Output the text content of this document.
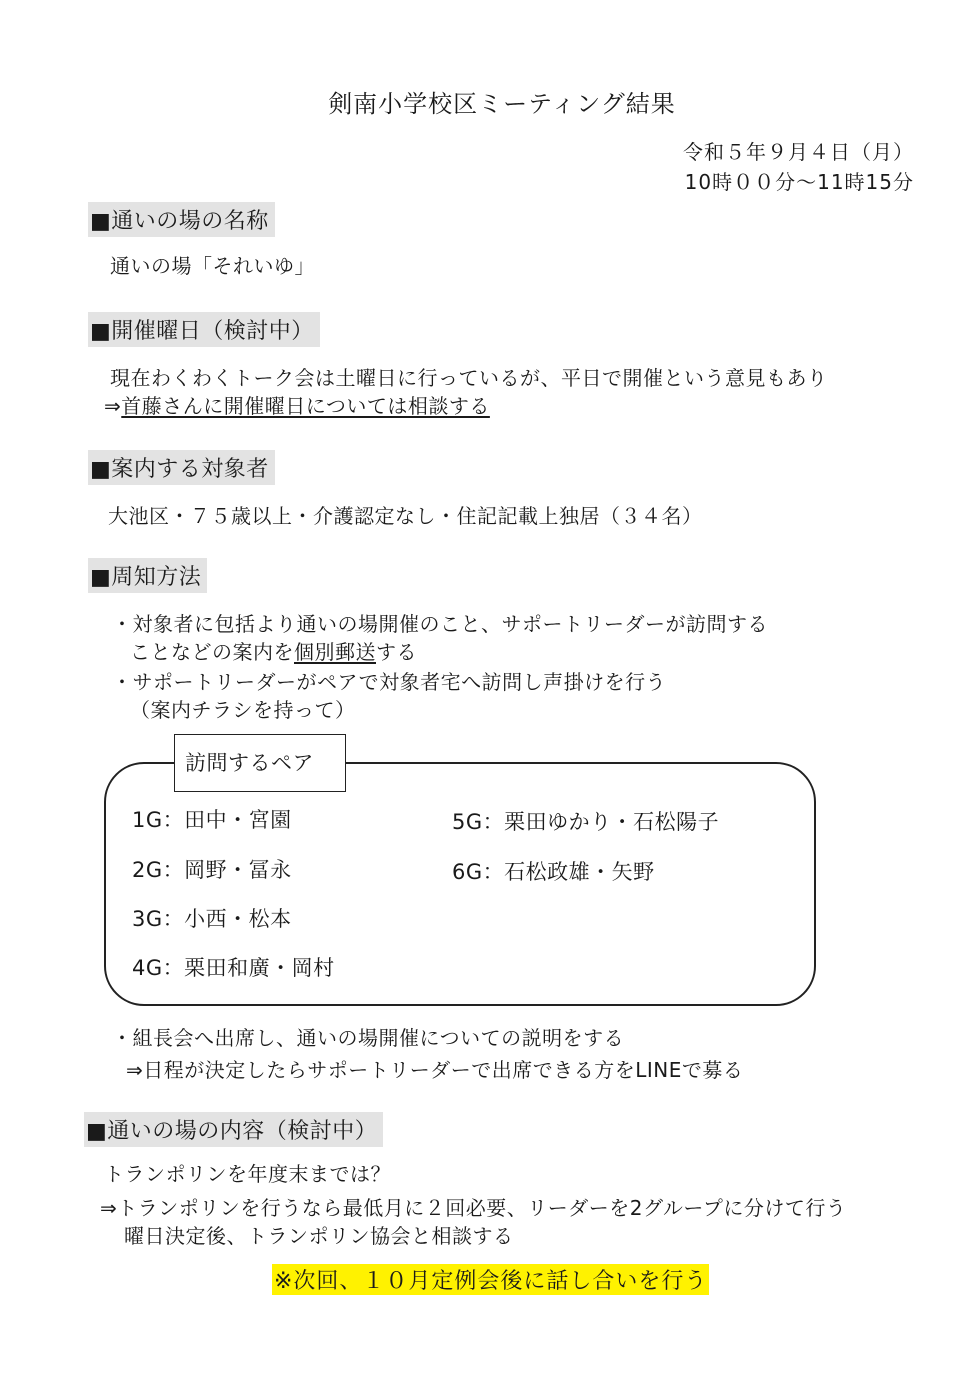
剣南小学校区ミーティング結果
令和５年９月４日（月）
10時００分～11時15分
■通いの場の名称
通いの場「それいゆ」
■開催曜日（検討中）
現在わくわくトーク会は土曜日に行っているが、平日で開催という意見もあり
⇒首藤さんに開催曜日については相談する
■案内する対象者
大池区・７５歳以上・介護認定なし・住記記載上独居（３４名）
■周知方法
・対象者に包括より通いの場開催のこと、サポートリーダーが訪問する
ことなどの案内を個別郵送する
・サポートリーダーがペアで対象者宅へ訪問し声掛けを行う
（案内チラシを持って）
訪問するペア
1G：田中・宮園
2G：岡野・冨永
3G：小西・松本
4G：栗田和廣・岡村
5G：栗田ゆかり・石松陽子
6G：石松政雄・矢野
・組長会へ出席し、通いの場開催についての説明をする
⇒日程が決定したらサポートリーダーで出席できる方をLINEで募る
■通いの場の内容（検討中）
トランポリンを年度末までは？
⇒トランポリンを行うなら最低月に２回必要、リーダーを2グループに分けて行う
曜日決定後、トランポリン協会と相談する
※次回、１０月定例会後に話し合いを行う
